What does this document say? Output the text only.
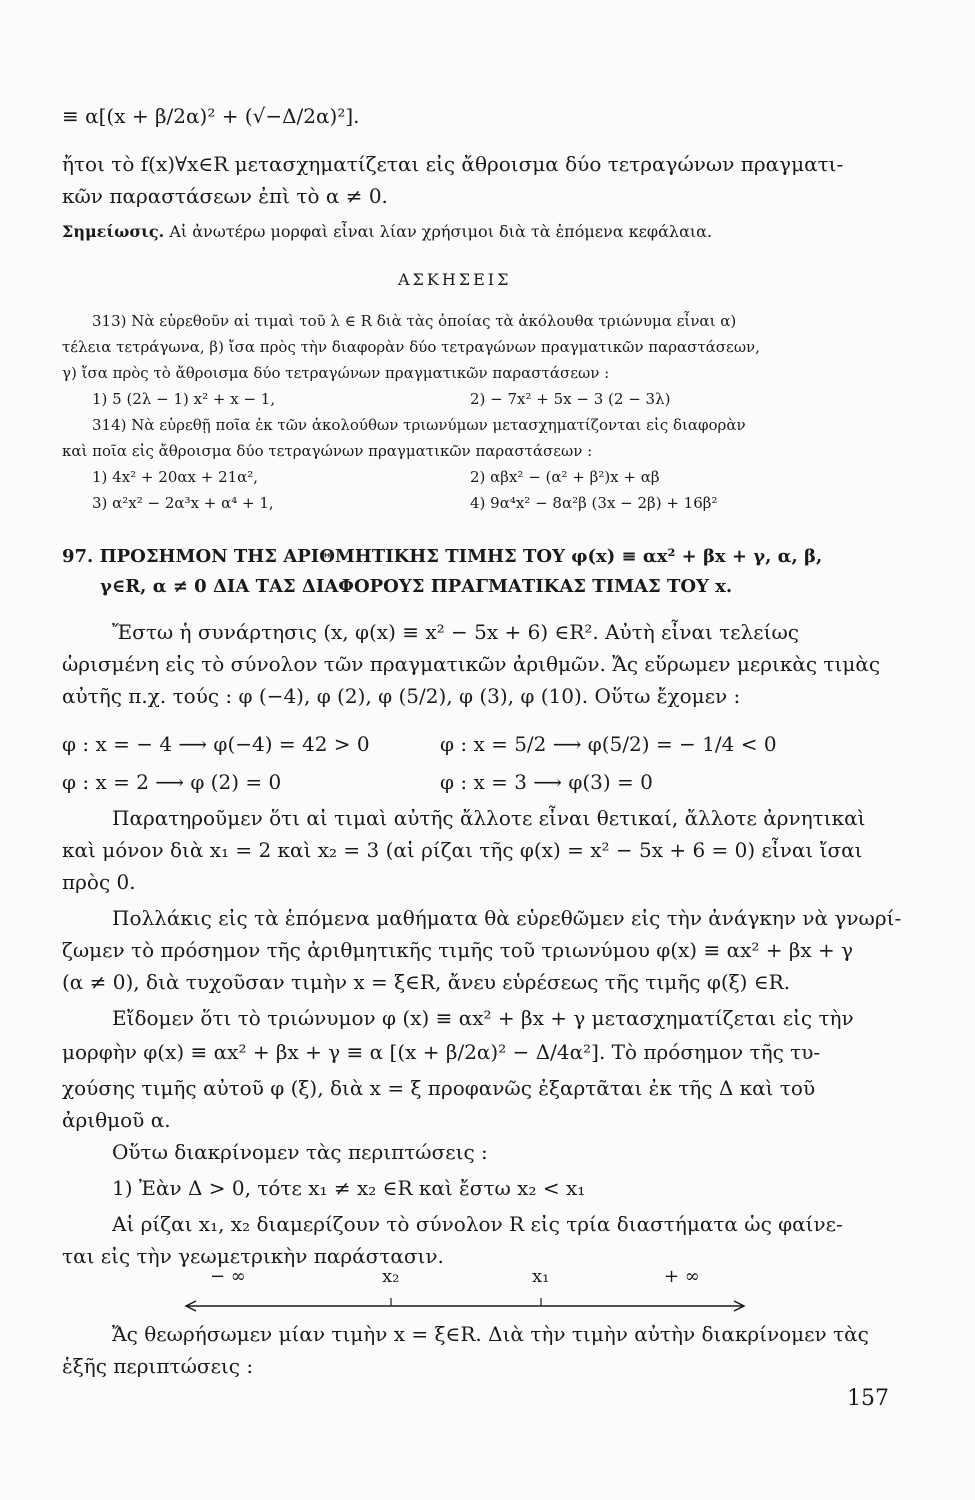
≡ α[(x + β/2α)² + (√−Δ/2α)²].
ἤτοι τὸ f(x)∀x∈R μετασχηματίζεται εἰς ἄθροισμα δύο τετραγώνων πραγματι-
κῶν παραστάσεων ἐπὶ τὸ α ≠ 0.
Σημείωσις. Αἱ ἀνωτέρω μορφαὶ εἶναι λίαν χρήσιμοι διὰ τὰ ἑπόμενα κεφάλαια.
ΑΣΚΗΣΕΙΣ
313) Νὰ εὑρεθοῦν αἱ τιμαὶ τοῦ λ ∈ R διὰ τὰς ὁποίας τὰ ἀκόλουθα τριώνυμα εἶναι α)
τέλεια τετράγωνα, β) ἴσα πρὸς τὴν διαφορὰν δύο τετραγώνων πραγματικῶν παραστάσεων,
γ) ἴσα πρὸς τὸ ἄθροισμα δύο τετραγώνων πραγματικῶν παραστάσεων :
1) 5 (2λ − 1) x² + x − 1,	2) − 7x² + 5x − 3 (2 − 3λ)
314) Νὰ εὑρεθῇ ποῖα ἐκ τῶν ἀκολούθων τριωνύμων μετασχηματίζονται εἰς διαφορὰν
καὶ ποῖα εἰς ἄθροισμα δύο τετραγώνων πραγματικῶν παραστάσεων :
1) 4x² + 20αx + 21α²,	2) αβx² − (α² + β²)x + αβ
3) α²x² − 2α³x + α⁴ + 1,	4) 9α⁴x² − 8α²β (3x − 2β) + 16β²
97. ΠΡΟΣΗΜΟΝ ΤΗΣ ΑΡΙΘΜΗΤΙΚΗΣ ΤΙΜΗΣ ΤΟΥ φ(x) ≡ αx² + βx + γ, α, β,
γ∈R, α ≠ 0 ΔΙΑ ΤΑΣ ΔΙΑΦΟΡΟΥΣ ΠΡΑΓΜΑΤΙΚΑΣ ΤΙΜΑΣ ΤΟΥ x.
Ἔστω ἡ συνάρτησις (x, φ(x) ≡ x² − 5x + 6) ∈R². Αὐτὴ εἶναι τελείως
ὡρισμένη εἰς τὸ σύνολον τῶν πραγματικῶν ἀριθμῶν. Ἄς εὕρωμεν μερικὰς τιμὰς
αὐτῆς π.χ. τούς : φ (−4), φ (2), φ (5/2), φ (3), φ (10). Οὕτω ἔχομεν :
φ : x = − 4 ⟶ φ(−4) = 42 > 0	φ : x = 5/2 ⟶ φ(5/2) = − 1/4 < 0
φ : x = 2 ⟶ φ (2) = 0	φ : x = 3 ⟶ φ(3) = 0
Παρατηροῦμεν ὅτι αἱ τιμαὶ αὐτῆς ἄλλοτε εἶναι θετικαί, ἄλλοτε ἀρνητικαὶ
καὶ μόνον διὰ x₁ = 2 καὶ x₂ = 3 (αἱ ρίζαι τῆς φ(x) = x² − 5x + 6 = 0) εἶναι ἴσαι
πρὸς 0.
Πολλάκις εἰς τὰ ἑπόμενα μαθήματα θὰ εὑρεθῶμεν εἰς τὴν ἀνάγκην νὰ γνωρί-
ζωμεν τὸ πρόσημον τῆς ἀριθμητικῆς τιμῆς τοῦ τριωνύμου φ(x) ≡ αx² + βx + γ
(α ≠ 0), διὰ τυχοῦσαν τιμὴν x = ξ∈R, ἄνευ εὑρέσεως τῆς τιμῆς φ(ξ) ∈R.
Εἴδομεν ὅτι τὸ τριώνυμον φ (x) ≡ αx² + βx + γ μετασχηματίζεται εἰς τὴν
μορφὴν φ(x) ≡ αx² + βx + γ ≡ α [(x + β/2α)² − Δ/4α²]. Τὸ πρόσημον τῆς τυ-
χούσης τιμῆς αὐτοῦ φ (ξ), διὰ x = ξ προφανῶς ἐξαρτᾶται ἐκ τῆς Δ καὶ τοῦ
ἀριθμοῦ α.
Οὕτω διακρίνομεν τὰς περιπτώσεις :
1) Ἐὰν Δ > 0, τότε x₁ ≠ x₂ ∈R καὶ ἔστω x₂ < x₁
Αἱ ρίζαι x₁, x₂ διαμερίζουν τὸ σύνολον R εἰς τρία διαστήματα ὡς φαίνε-
ται εἰς τὴν γεωμετρικὴν παράστασιν.
− ∞	x₂	x₁	+ ∞
Ἄς θεωρήσωμεν μίαν τιμὴν x = ξ∈R. Διὰ τὴν τιμὴν αὐτὴν διακρίνομεν τὰς
ἑξῆς περιπτώσεις :
157
